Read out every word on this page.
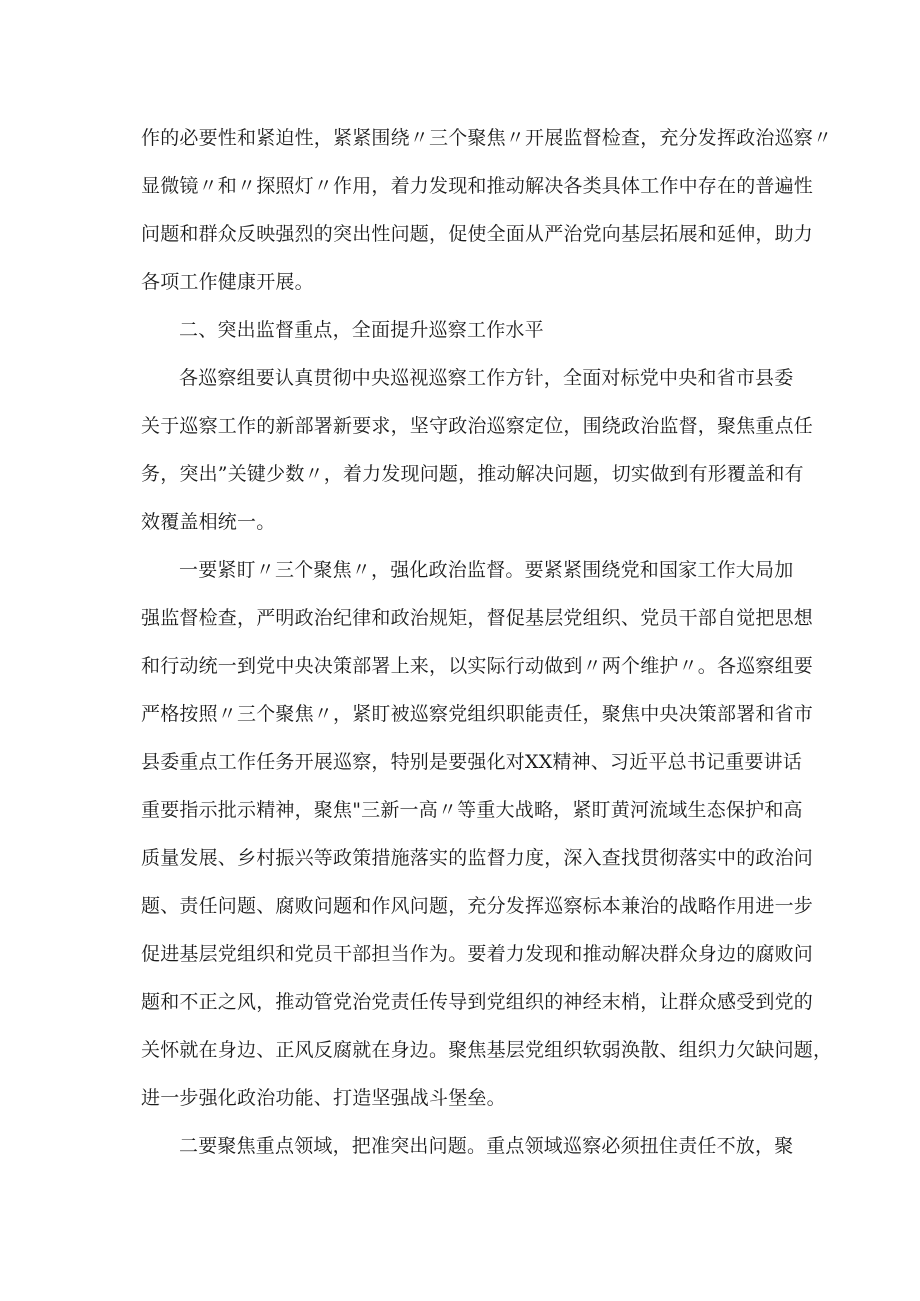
作的必要性和紧迫性，紧紧围绕〃三个聚焦〃开展监督检查，充分发挥政治巡察〃
显微镜〃和〃探照灯〃作用，着力发现和推动解决各类具体工作中存在的普遍性
问题和群众反映强烈的突出性问题，促使全面从严治党向基层拓展和延伸，助力
各项工作健康开展。
二、突出监督重点，全面提升巡察工作水平
各巡察组要认真贯彻中央巡视巡察工作方针，全面对标党中央和省市县委
关于巡察工作的新部署新要求，坚守政治巡察定位，围绕政治监督，聚焦重点任
务，突出”关键少数〃，着力发现问题，推动解决问题，切实做到有形覆盖和有
效覆盖相统一。
一要紧盯〃三个聚焦〃，强化政治监督。要紧紧围绕党和国家工作大局加
强监督检查，严明政治纪律和政治规矩，督促基层党组织、党员干部自觉把思想
和行动统一到党中央决策部署上来，以实际行动做到〃两个维护〃。各巡察组要
严格按照〃三个聚焦〃，紧盯被巡察党组织职能责任，聚焦中央决策部署和省市
县委重点工作任务开展巡察，特别是要强化对XX精神、习近平总书记重要讲话
重要指示批示精神，聚焦"三新一高〃等重大战略，紧盯黄河流域生态保护和高
质量发展、乡村振兴等政策措施落实的监督力度，深入查找贯彻落实中的政治问
题、责任问题、腐败问题和作风问题，充分发挥巡察标本兼治的战略作用进一步
促进基层党组织和党员干部担当作为。要着力发现和推动解决群众身边的腐败问
题和不正之风，推动管党治党责任传导到党组织的神经末梢，让群众感受到党的
关怀就在身边、正风反腐就在身边。聚焦基层党组织软弱涣散、组织力欠缺问题，
进一步强化政治功能、打造坚强战斗堡垒。
二要聚焦重点领域，把准突出问题。重点领域巡察必须扭住责任不放，聚
